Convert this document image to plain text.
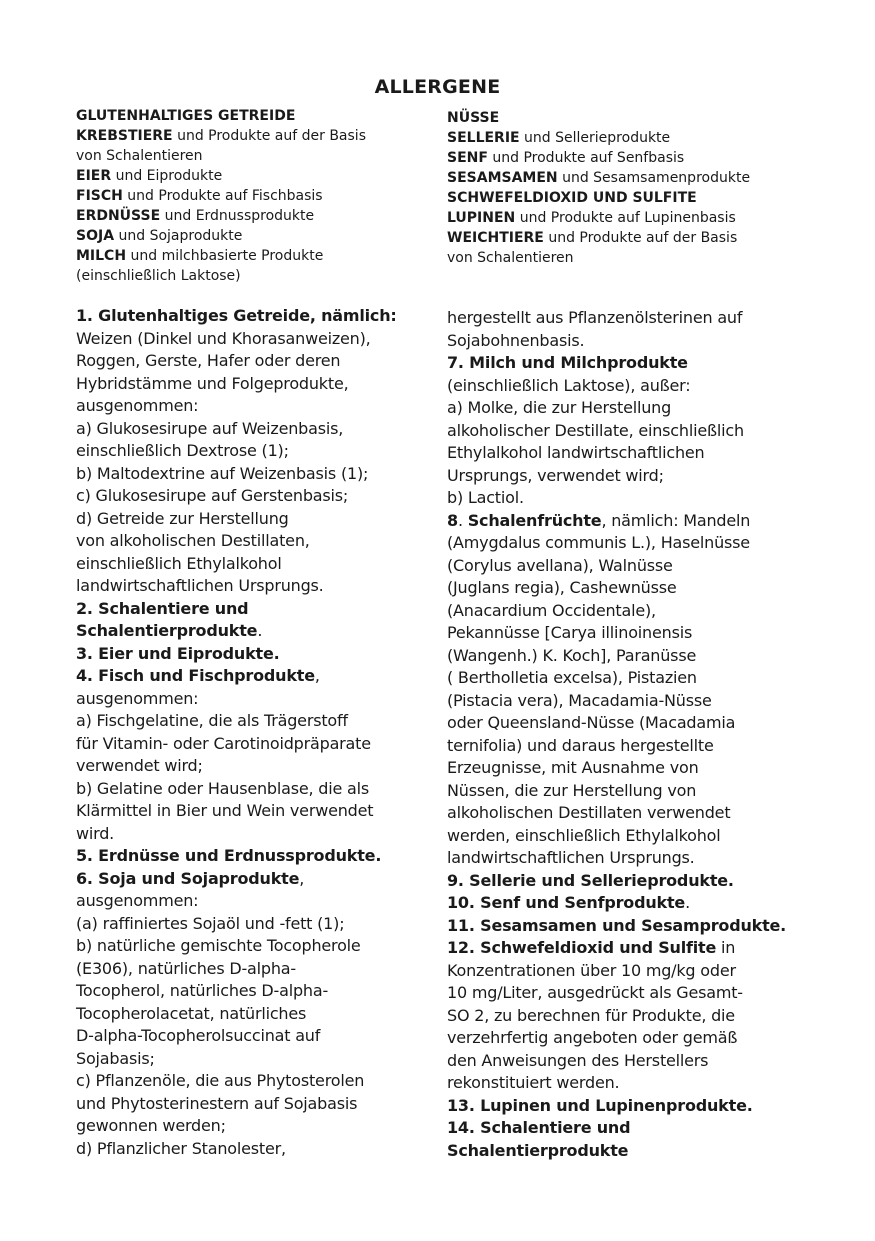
ALLERGENE
GLUTENHALTIGES GETREIDE
KREBSTIERE und Produkte auf der Basis
von Schalentieren
EIER und Eiprodukte
FISCH und Produkte auf Fischbasis
ERDNÜSSE und Erdnussprodukte
SOJA und Sojaprodukte
MILCH und milchbasierte Produkte
(einschließlich Laktose)
NÜSSE
SELLERIE und Sellerieprodukte
SENF und Produkte auf Senfbasis
SESAMSAMEN und Sesamsamenprodukte
SCHWEFELDIOXID UND SULFITE
LUPINEN und Produkte auf Lupinenbasis
WEICHTIERE und Produkte auf der Basis
von Schalentieren
1. Glutenhaltiges Getreide, nämlich:
Weizen (Dinkel und Khorasanweizen),
Roggen, Gerste, Hafer oder deren
Hybridstämme und Folgeprodukte,
ausgenommen:
a) Glukosesirupe auf Weizenbasis,
einschließlich Dextrose (1);
b) Maltodextrine auf Weizenbasis (1);
c) Glukosesirupe auf Gerstenbasis;
d) Getreide zur Herstellung
von alkoholischen Destillaten,
einschließlich Ethylalkohol
landwirtschaftlichen Ursprungs.
2. Schalentiere und
Schalentierprodukte.
3. Eier und Eiprodukte.
4. Fisch und Fischprodukte,
ausgenommen:
a) Fischgelatine, die als Trägerstoff
für Vitamin- oder Carotinoidpräparate
verwendet wird;
b) Gelatine oder Hausenblase, die als
Klärmittel in Bier und Wein verwendet
wird.
5. Erdnüsse und Erdnussprodukte.
6. Soja und Sojaprodukte,
ausgenommen:
(a) raffiniertes Sojaöl und -fett (1);
b) natürliche gemischte Tocopherole
(E306), natürliches D-alpha-
Tocopherol, natürliches D-alpha-
Tocopherolacetat, natürliches
D-alpha-Tocopherolsuccinat auf
Sojabasis;
c) Pflanzenöle, die aus Phytosterolen
und Phytosterinestern auf Sojabasis
gewonnen werden;
d) Pflanzlicher Stanolester,
hergestellt aus Pflanzenölsterinen auf
Sojabohnenbasis.
7. Milch und Milchprodukte
(einschließlich Laktose), außer:
a) Molke, die zur Herstellung
alkoholischer Destillate, einschließlich
Ethylalkohol landwirtschaftlichen
Ursprungs, verwendet wird;
b) Lactiol.
8. Schalenfrüchte, nämlich: Mandeln
(Amygdalus communis L.), Haselnüsse
(Corylus avellana), Walnüsse
(Juglans regia), Cashewnüsse
(Anacardium Occidentale),
Pekannüsse [Carya illinoinensis
(Wangenh.) K. Koch], Paranüsse
( Bertholletia excelsa), Pistazien
(Pistacia vera), Macadamia-Nüsse
oder Queensland-Nüsse (Macadamia
ternifolia) und daraus hergestellte
Erzeugnisse, mit Ausnahme von
Nüssen, die zur Herstellung von
alkoholischen Destillaten verwendet
werden, einschließlich Ethylalkohol
landwirtschaftlichen Ursprungs.
9. Sellerie und Sellerieprodukte.
10. Senf und Senfprodukte.
11. Sesamsamen und Sesamprodukte.
12. Schwefeldioxid und Sulfite in
Konzentrationen über 10 mg/kg oder
10 mg/Liter, ausgedrückt als Gesamt-
SO 2, zu berechnen für Produkte, die
verzehrfertig angeboten oder gemäß
den Anweisungen des Herstellers
rekonstituiert werden.
13. Lupinen und Lupinenprodukte.
14. Schalentiere und
Schalentierprodukte
